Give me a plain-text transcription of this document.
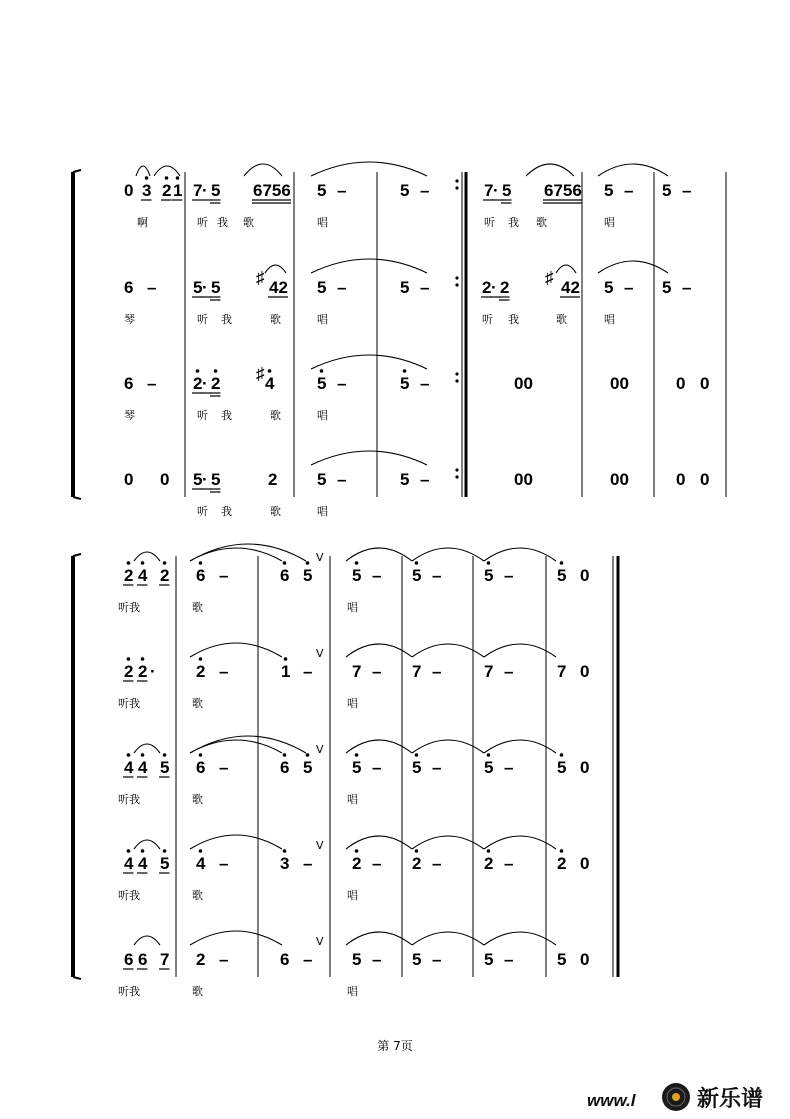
0 3 2 1 7 · 5 6756 5 –	5 –	7 · 5 6756 5 – 5 –
啊	听 我 歌	唱	听 我 歌	唱
6 – 5 · 5
♯
42 5 –	5 –	2 · 2
♯
42 5 – 5 –
琴	听 我	歌	唱	听 我	歌	唱
6 – 2 · 2
♯
4	5 –	5 –	00	00	0 0
琴	听 我	歌	唱
0 0 5 · 5	2 5 –	5 –	00	00	0 0
听 我	歌	唱
2 4 2 6 –	6 5
V
5 – 5 –	5 –	5 0
听我	歌	唱
2 2 · 2 –	1 –
V
7 – 7 –	7 –	7 0
听我	歌	唱
4 4 5 6 –	6 5
V
5 – 5 –	5 –	5 0
听我	歌	唱
4 4 5 4 –	3 –
V
2 – 2 –	2 –	2 0
听我	歌	唱
6 6 7 2 –	6 –
V
5 – 5 –	5 –	5 0
听我	歌	唱
第 7页
www.l	新乐谱
